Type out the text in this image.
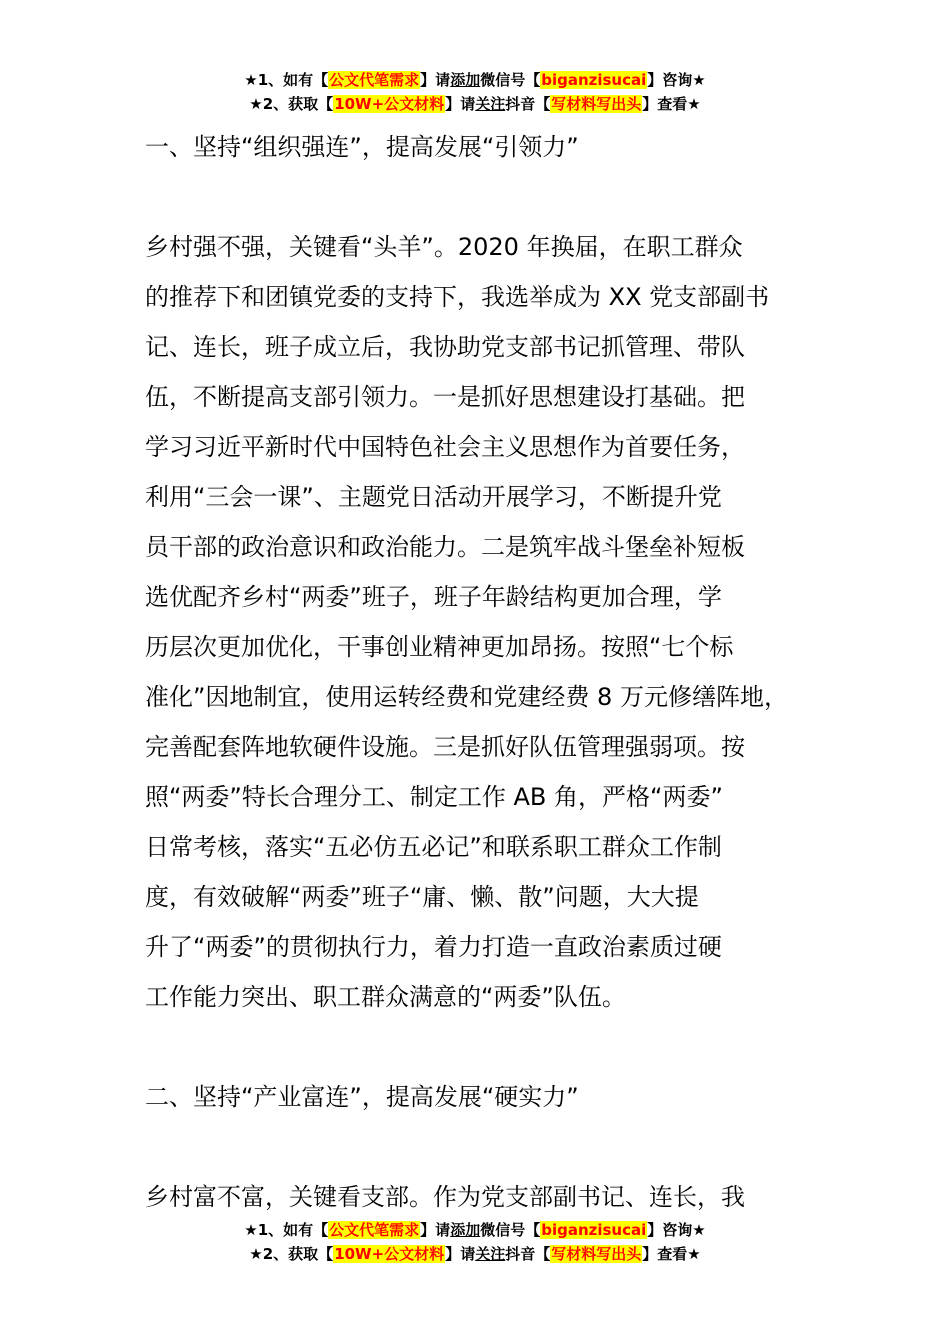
★1、如有【公文代笔需求】请添加微信号【biganzisucai】咨询★
★2、获取【10W+公文材料】请关注抖音【写材料写出头】查看★

一、坚持“组织强连”，提高发展“引领力”

乡村强不强，关键看“头羊”。2020 年换届，在职工群众

的推荐下和团镇党委的支持下，我选举成为 XX 党支部副书

记、连长，班子成立后，我协助党支部书记抓管理、带队

伍，不断提高支部引领力。一是抓好思想建设打基础。把

学习习近平新时代中国特色社会主义思想作为首要任务，

利用“三会一课”、主题党日活动开展学习，不断提升党

员干部的政治意识和政治能力。二是筑牢战斗堡垒补短板

选优配齐乡村“两委”班子，班子年龄结构更加合理，学

历层次更加优化，干事创业精神更加昂扬。按照“七个标

准化”因地制宜，使用运转经费和党建经费 8 万元修缮阵地，

完善配套阵地软硬件设施。三是抓好队伍管理强弱项。按

照“两委”特长合理分工、制定工作 AB 角，严格“两委”

日常考核，落实“五必仿五必记”和联系职工群众工作制

度，有效破解“两委”班子“庸、懒、散”问题，大大提

升了“两委”的贯彻执行力，着力打造一直政治素质过硬

工作能力突出、职工群众满意的“两委”队伍。

二、坚持“产业富连”，提高发展“硬实力”

乡村富不富，关键看支部。作为党支部副书记、连长，我

★1、如有【公文代笔需求】请添加微信号【biganzisucai】咨询★
★2、获取【10W+公文材料】请关注抖音【写材料写出头】查看★
